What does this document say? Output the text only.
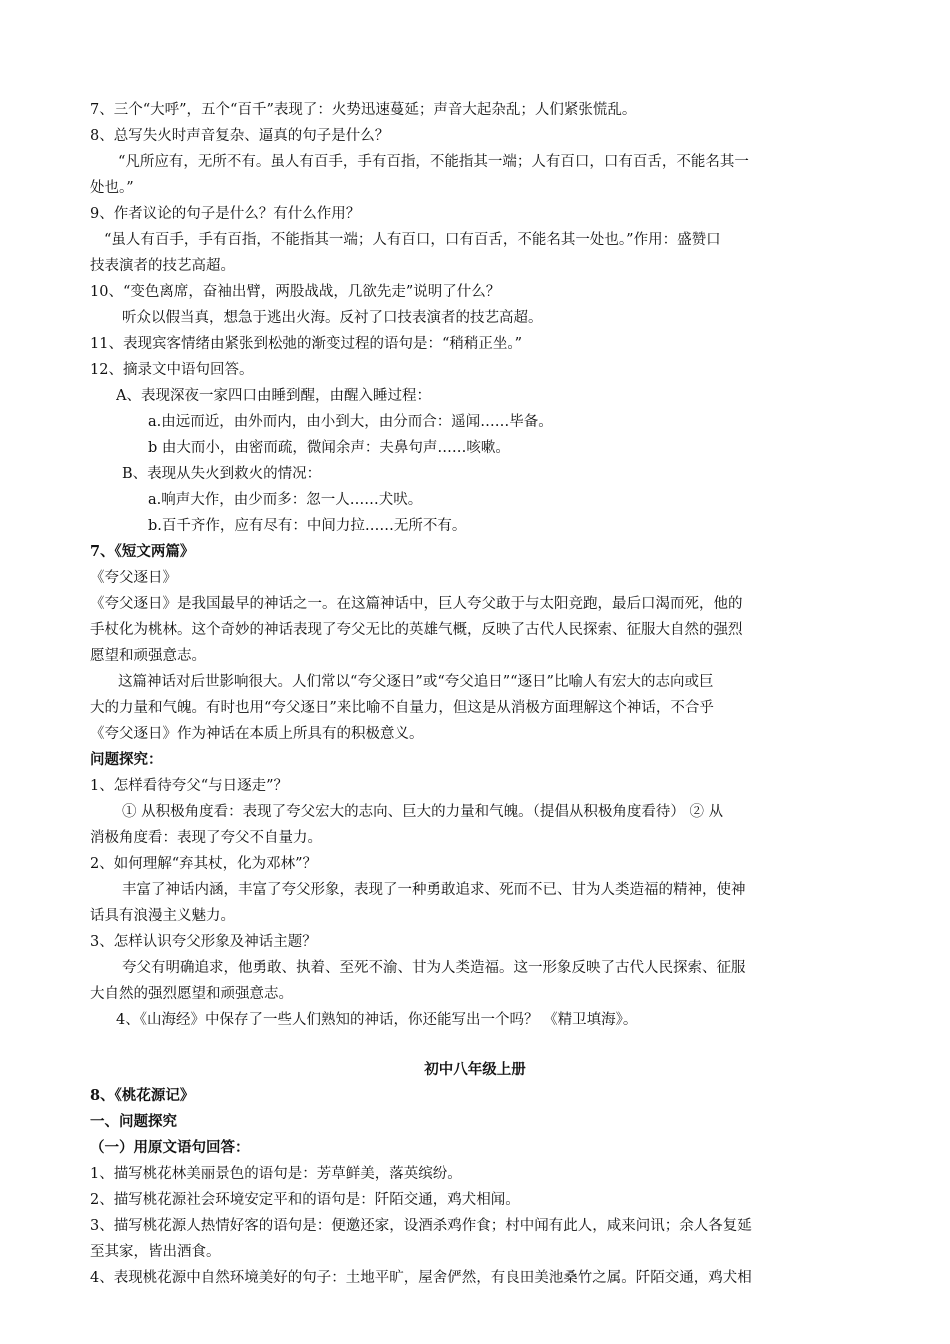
7、三个“大呼”，五个“百千”表现了：火势迅速蔓延；声音大起杂乱；人们紧张慌乱。
8、总写失火时声音复杂、逼真的句子是什么？
“凡所应有，无所不有。虽人有百手，手有百指，不能指其一端；人有百口，口有百舌，不能名其一
处也。”
9、作者议论的句子是什么？有什么作用？
“虽人有百手，手有百指，不能指其一端；人有百口，口有百舌，不能名其一处也。”作用：盛赞口
技表演者的技艺高超。
10、“变色离席，奋袖出臂，两股战战，几欲先走”说明了什么？
听众以假当真，想急于逃出火海。反衬了口技表演者的技艺高超。
11、表现宾客情绪由紧张到松弛的渐变过程的语句是：“稍稍正坐。”
12、摘录文中语句回答。
A、表现深夜一家四口由睡到醒，由醒入睡过程：
a.由远而近，由外而内，由小到大，由分而合：遥闻……毕备。
b 由大而小，由密而疏，微闻余声：夫鼻句声……咳嗽。
B、表现从失火到救火的情况：
a.响声大作，由少而多：忽一人……犬吠。
b.百千齐作，应有尽有：中间力拉……无所不有。
7、《短文两篇》
《夸父逐日》
《夸父逐日》是我国最早的神话之一。在这篇神话中，巨人夸父敢于与太阳竞跑，最后口渴而死，他的
手杖化为桃林。这个奇妙的神话表现了夸父无比的英雄气概，反映了古代人民探索、征服大自然的强烈
愿望和顽强意志。
这篇神话对后世影响很大。人们常以“夸父逐日”或“夸父追日”“逐日”比喻人有宏大的志向或巨
大的力量和气魄。有时也用“夸父逐日”来比喻不自量力，但这是从消极方面理解这个神话，不合乎
《夸父逐日》作为神话在本质上所具有的积极意义。
问题探究：
1、怎样看待夸父“与日逐走”？
① 从积极角度看：表现了夸父宏大的志向、巨大的力量和气魄。（提倡从积极角度看待） ② 从
消极角度看：表现了夸父不自量力。
2、如何理解“弃其杖，化为邓林”？
丰富了神话内涵，丰富了夸父形象，表现了一种勇敢追求、死而不已、甘为人类造福的精神，使神
话具有浪漫主义魅力。
3、怎样认识夸父形象及神话主题？
夸父有明确追求，他勇敢、执着、至死不渝、甘为人类造福。这一形象反映了古代人民探索、征服
大自然的强烈愿望和顽强意志。
4、《山海经》中保存了一些人们熟知的神话，你还能写出一个吗？ 《精卫填海》。
初中八年级上册
8、《桃花源记》
一、问题探究
（一）用原文语句回答：
1、描写桃花林美丽景色的语句是：芳草鲜美，落英缤纷。
2、描写桃花源社会环境安定平和的语句是：阡陌交通，鸡犬相闻。
3、描写桃花源人热情好客的语句是：便邀还家，设酒杀鸡作食；村中闻有此人，咸来问讯；余人各复延
至其家，皆出酒食。
4、表现桃花源中自然环境美好的句子：土地平旷，屋舍俨然，有良田美池桑竹之属。阡陌交通，鸡犬相
